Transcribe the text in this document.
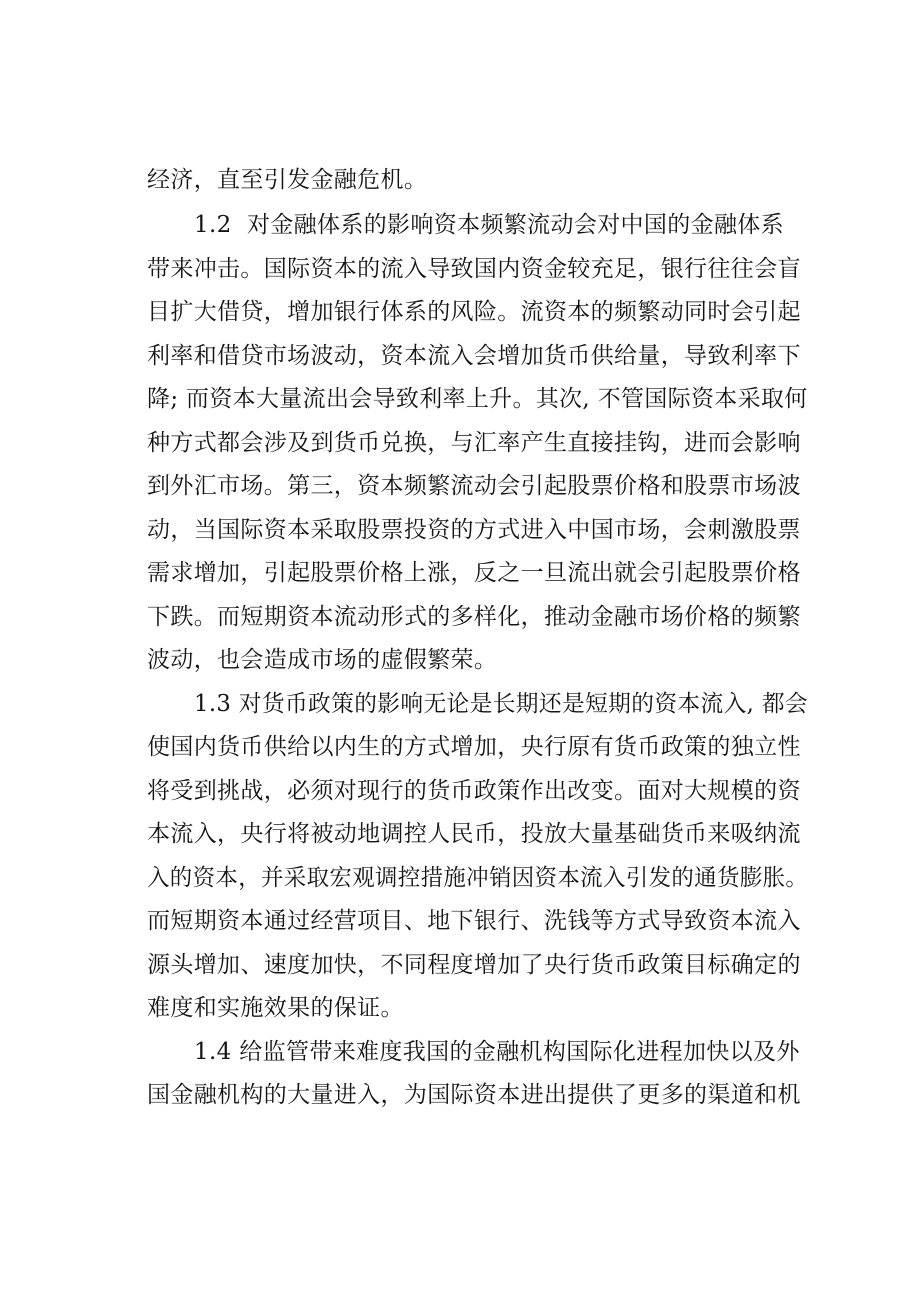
经济，直至引发金融危机。
1.2  对金融体系的影响资本频繁流动会对中国的金融体系
带来冲击。国际资本的流入导致国内资金较充足，银行往往会盲
目扩大借贷，增加银行体系的风险。流资本的频繁动同时会引起
利率和借贷市场波动，资本流入会增加货币供给量，导致利率下
降; 而资本大量流出会导致利率上升。其次, 不管国际资本采取何
种方式都会涉及到货币兑换，与汇率产生直接挂钩，进而会影响
到外汇市场。第三，资本频繁流动会引起股票价格和股票市场波
动，当国际资本采取股票投资的方式进入中国市场，会刺激股票
需求增加，引起股票价格上涨，反之一旦流出就会引起股票价格
下跌。而短期资本流动形式的多样化，推动金融市场价格的频繁
波动，也会造成市场的虚假繁荣。
1.3 对货币政策的影响无论是长期还是短期的资本流入, 都会
使国内货币供给以内生的方式增加，央行原有货币政策的独立性
将受到挑战，必须对现行的货币政策作出改变。面对大规模的资
本流入，央行将被动地调控人民币，投放大量基础货币来吸纳流
入的资本，并采取宏观调控措施冲销因资本流入引发的通货膨胀。
而短期资本通过经营项目、地下银行、洗钱等方式导致资本流入
源头增加、速度加快，不同程度增加了央行货币政策目标确定的
难度和实施效果的保证。
1.4 给监管带来难度我国的金融机构国际化进程加快以及外
国金融机构的大量进入，为国际资本进出提供了更多的渠道和机
